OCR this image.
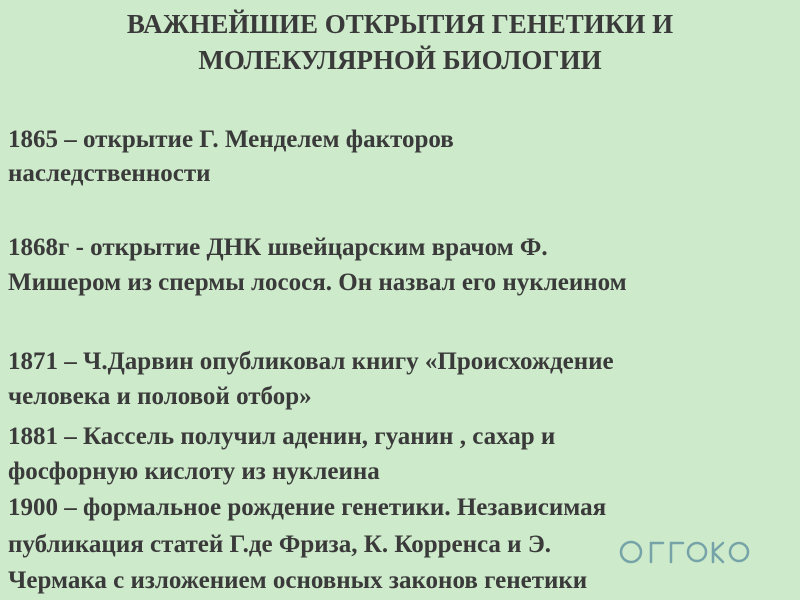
ВАЖНЕЙШИЕ ОТКРЫТИЯ ГЕНЕТИКИ И
МОЛЕКУЛЯРНОЙ БИОЛОГИИ
1865 – открытие Г. Менделем факторов
наследственности
1868г - открытие ДНК швейцарским врачом Ф.
Мишером из спермы лосося. Он назвал его нуклеином
1871 – Ч.Дарвин опубликовал книгу «Происхождение
человека и половой отбор»
1881 – Кассель получил аденин, гуанин , сахар и
фосфорную кислоту из нуклеина
1900 – формальное рождение генетики. Независимая
публикация статей Г.де Фриза, К. Корренса и Э.
Чермака с изложением основных законов генетики
